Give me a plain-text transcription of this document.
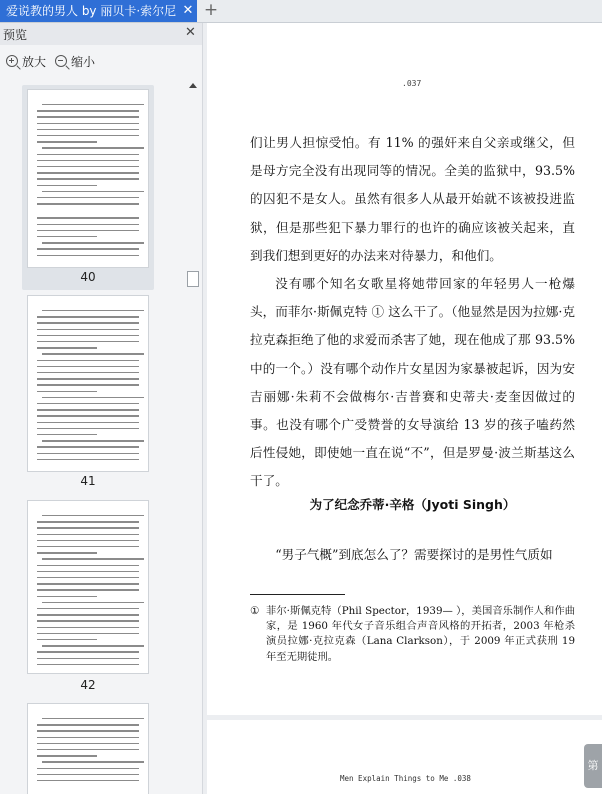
爱说教的男人 by 丽贝卡·索尔尼 ✕ +
预览	✕
放大 缩小
40
41
42
.037

们让男人担惊受怕。有 11% 的强奸来自父亲或继父，但是母方完全没有出现同等的情况。全美的监狱中，93.5% 的囚犯不是女人。虽然有很多人从最开始就不该被投进监狱，但是那些犯下暴力罪行的也许的确应该被关起来，直到我们想到更好的办法来对待暴力，和他们。

没有哪个知名女歌星将她带回家的年轻男人一枪爆头，而菲尔·斯佩克特 ① 这么干了。（他显然是因为拉娜·克拉克森拒绝了他的求爱而杀害了她，现在他成了那 93.5% 中的一个。）没有哪个动作片女星因为家暴被起诉，因为安吉丽娜·朱莉不会做梅尔·吉普赛和史蒂夫·麦奎因做过的事。也没有哪个广受赞誉的女导演给 13 岁的孩子嗑药然后性侵她，即使她一直在说“不”，但是罗曼·波兰斯基这么干了。

为了纪念乔蒂·辛格（Jyoti Singh）
“男子气概”到底怎么了？需要探讨的是男性气质如
① 菲尔·斯佩克特（Phil Spector，1939— ），美国音乐制作人和作曲家，是 1960 年代女子音乐组合声音风格的开拓者，2003 年枪杀演员拉娜·克拉克森（Lana Clarkson），于 2009 年正式获刑 19 年至无期徒刑。
Men Explain Things to Me .038
第
